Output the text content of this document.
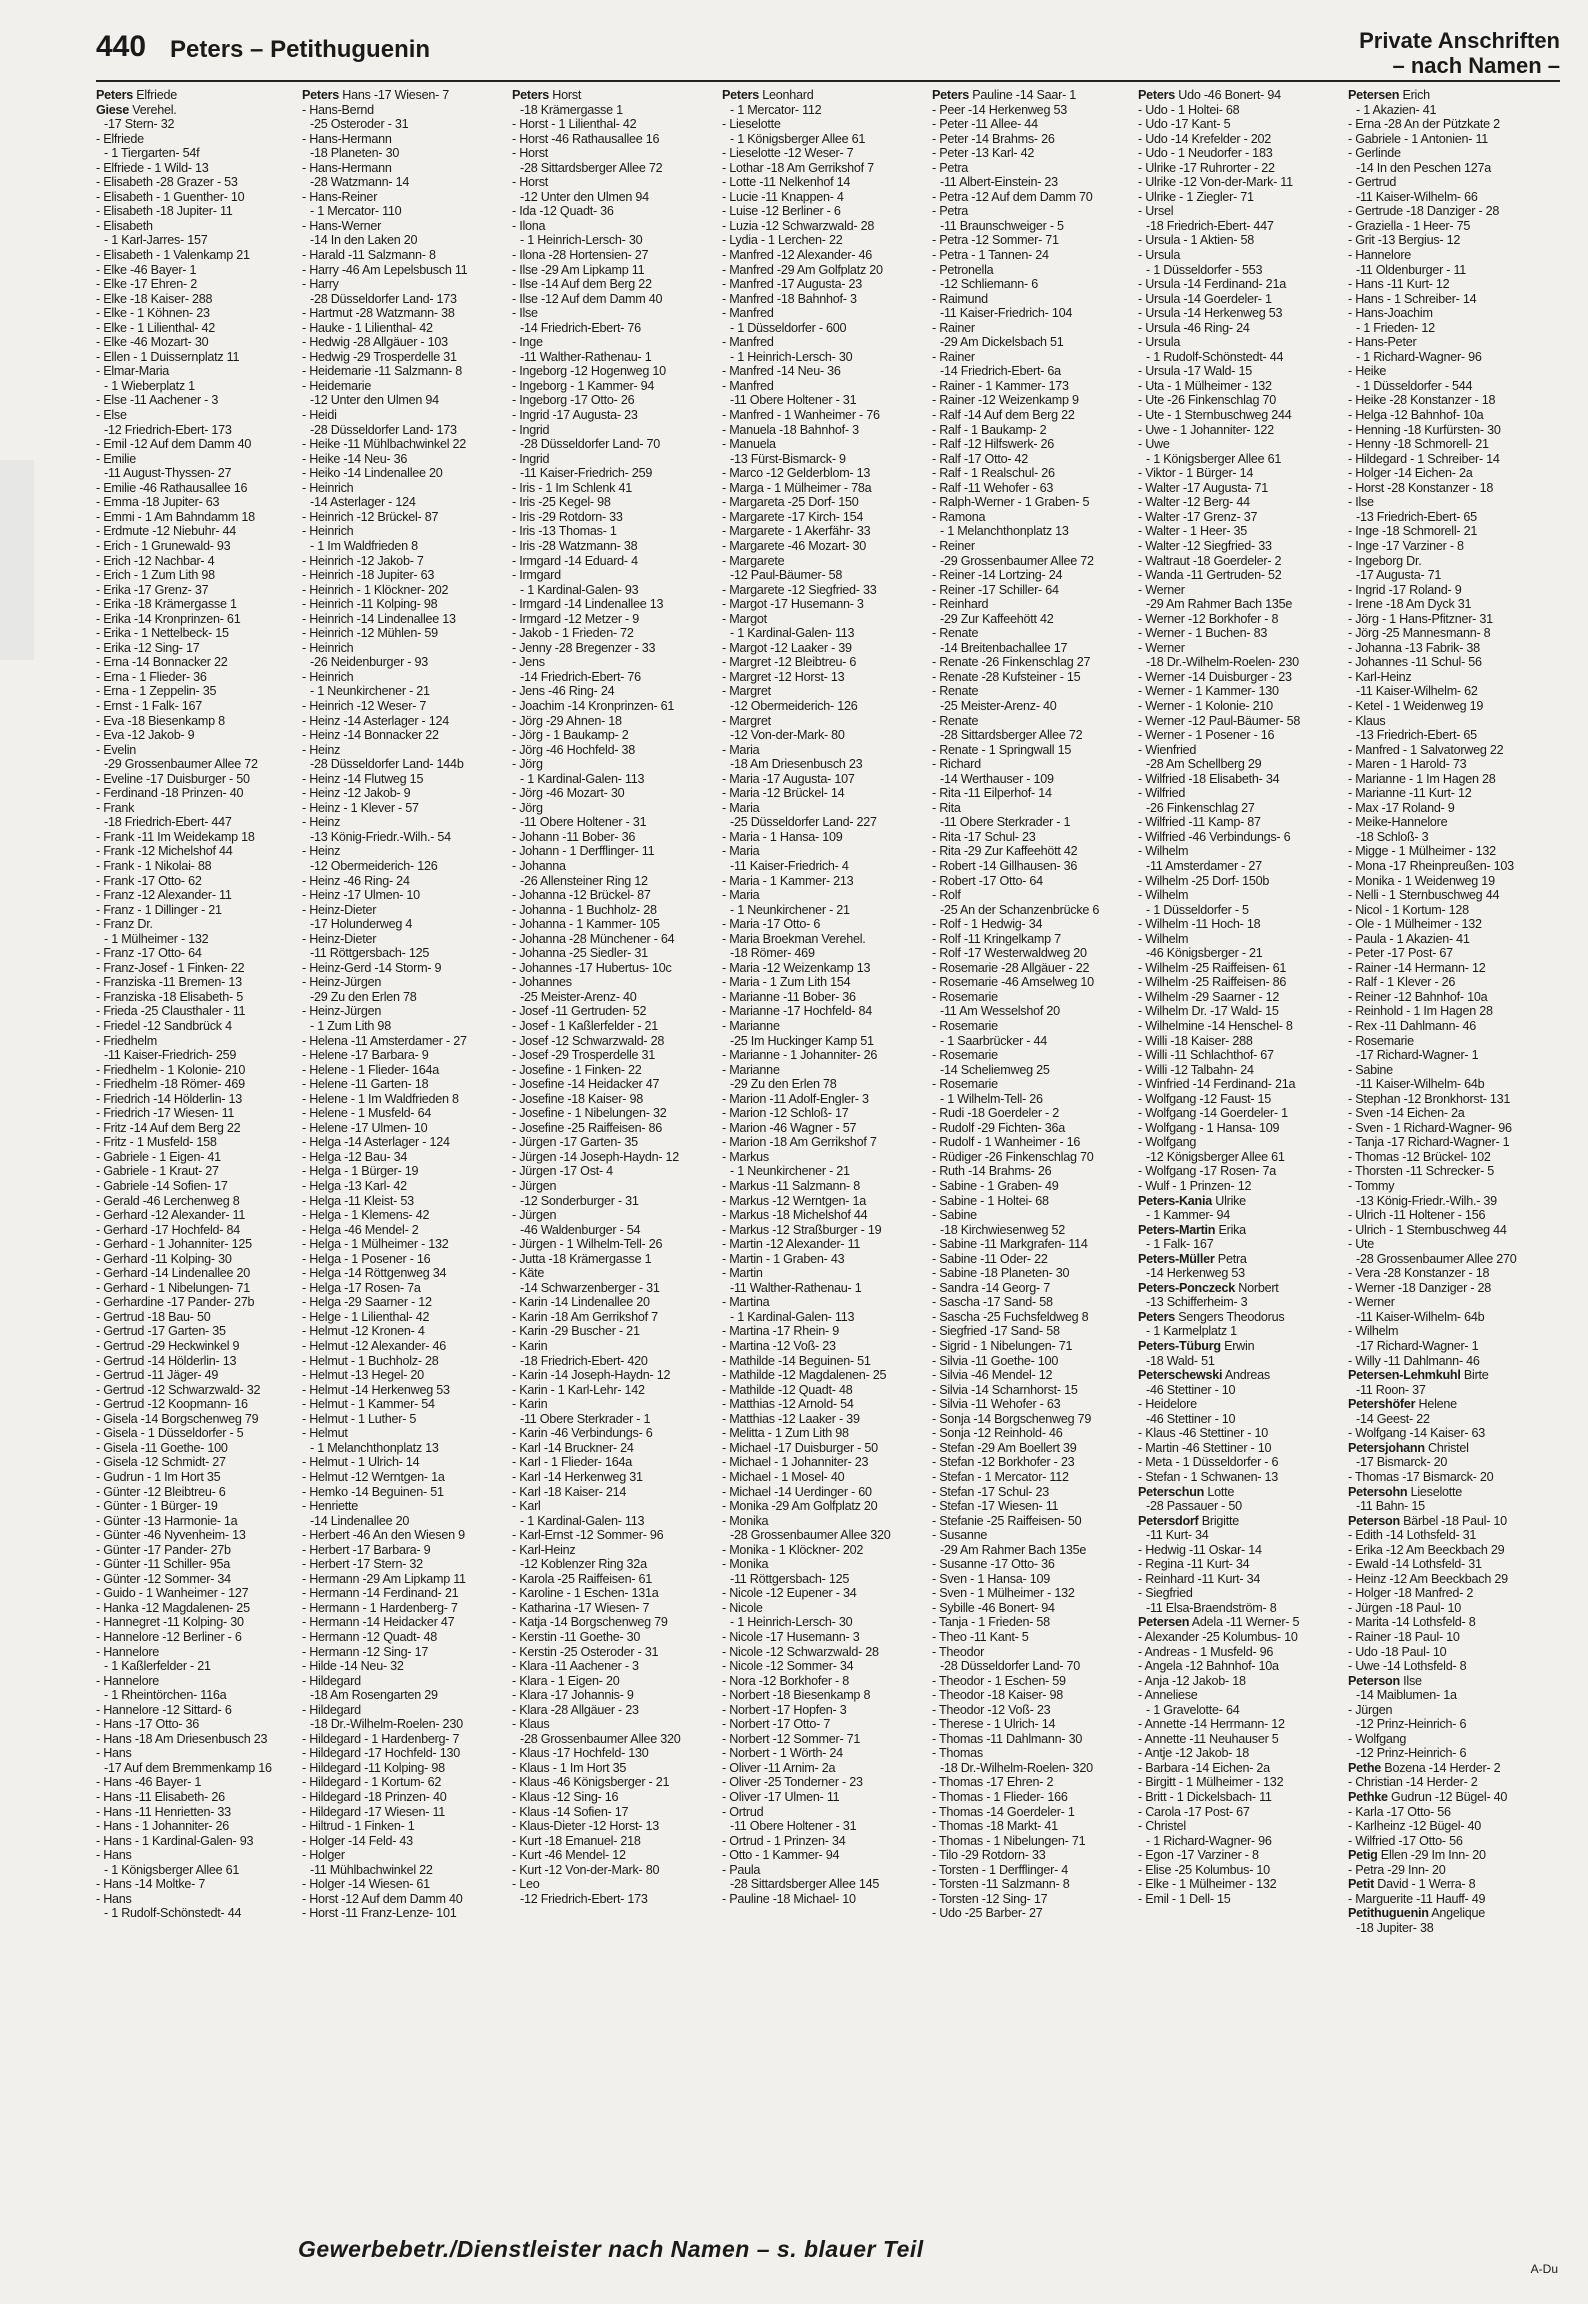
440 Peters – Petithuguenin	Private Anschriften
– nach Namen –

Peters Elfriede

Giese Verehel.

-17 Stern- 32

- Elfriede

- 1 Tiergarten- 54f

- Elfriede - 1 Wild- 13

- Elisabeth -28 Grazer - 53

- Elisabeth - 1 Guenther- 10

- Elisabeth -18 Jupiter- 11

- Elisabeth

- 1 Karl-Jarres- 157

- Elisabeth - 1 Valenkamp 21

- Elke -46 Bayer- 1

- Elke -17 Ehren- 2

- Elke -18 Kaiser- 288

- Elke - 1 Köhnen- 23

- Elke - 1 Lilienthal- 42

- Elke -46 Mozart- 30

- Ellen - 1 Duissernplatz 11

- Elmar-Maria

- 1 Wieberplatz 1

- Else -11 Aachener - 3

- Else

-12 Friedrich-Ebert- 173

- Emil -12 Auf dem Damm 40

- Emilie

-11 August-Thyssen- 27

- Emilie -46 Rathausallee 16

- Emma -18 Jupiter- 63

- Emmi - 1 Am Bahndamm 18

- Erdmute -12 Niebuhr- 44

- Erich - 1 Grunewald- 93

- Erich -12 Nachbar- 4

- Erich - 1 Zum Lith 98

- Erika -17 Grenz- 37

- Erika -18 Krämergasse 1

- Erika -14 Kronprinzen- 61

- Erika - 1 Nettelbeck- 15

- Erika -12 Sing- 17

- Erna -14 Bonnacker 22

- Erna - 1 Flieder- 36

- Erna - 1 Zeppelin- 35

- Ernst - 1 Falk- 167

- Eva -18 Biesenkamp 8

- Eva -12 Jakob- 9

- Evelin

-29 Grossenbaumer Allee 72

- Eveline -17 Duisburger - 50

- Ferdinand -18 Prinzen- 40

- Frank

-18 Friedrich-Ebert- 447

- Frank -11 Im Weidekamp 18

- Frank -12 Michelshof 44

- Frank - 1 Nikolai- 88

- Frank -17 Otto- 62

- Franz -12 Alexander- 11

- Franz - 1 Dillinger - 21

- Franz Dr.

- 1 Mülheimer - 132

- Franz -17 Otto- 64

- Franz-Josef - 1 Finken- 22

- Franziska -11 Bremen- 13

- Franziska -18 Elisabeth- 5

- Frieda -25 Clausthaler - 11

- Friedel -12 Sandbrück 4

- Friedhelm

-11 Kaiser-Friedrich- 259

- Friedhelm - 1 Kolonie- 210

- Friedhelm -18 Römer- 469

- Friedrich -14 Hölderlin- 13

- Friedrich -17 Wiesen- 11

- Fritz -14 Auf dem Berg 22

- Fritz - 1 Musfeld- 158

- Gabriele - 1 Eigen- 41

- Gabriele - 1 Kraut- 27

- Gabriele -14 Sofien- 17

- Gerald -46 Lerchenweg 8

- Gerhard -12 Alexander- 11

- Gerhard -17 Hochfeld- 84

- Gerhard - 1 Johanniter- 125

- Gerhard -11 Kolping- 30

- Gerhard -14 Lindenallee 20

- Gerhard - 1 Nibelungen- 71

- Gerhardine -17 Pander- 27b

- Gertrud -18 Bau- 50

- Gertrud -17 Garten- 35

- Gertrud -29 Heckwinkel 9

- Gertrud -14 Hölderlin- 13

- Gertrud -11 Jäger- 49

- Gertrud -12 Schwarzwald- 32

- Gertrud -12 Koopmann- 16

- Gisela -14 Borgschenweg 79

- Gisela - 1 Düsseldorfer - 5

- Gisela -11 Goethe- 100

- Gisela -12 Schmidt- 27

- Gudrun - 1 Im Hort 35

- Günter -12 Bleibtreu- 6

- Günter - 1 Bürger- 19

- Günter -13 Harmonie- 1a

- Günter -46 Nyvenheim- 13

- Günter -17 Pander- 27b

- Günter -11 Schiller- 95a

- Günter -12 Sommer- 34

- Guido - 1 Wanheimer - 127

- Hanka -12 Magdalenen- 25

- Hannegret -11 Kolping- 30

- Hannelore -12 Berliner - 6

- Hannelore

- 1 Kaßlerfelder - 21

- Hannelore

- 1 Rheintörchen- 116a

- Hannelore -12 Sittard- 6

- Hans -17 Otto- 36

- Hans -18 Am Driesenbusch 23

- Hans

-17 Auf dem Bremmenkamp 16

- Hans -46 Bayer- 1

- Hans -11 Elisabeth- 26

- Hans -11 Henrietten- 33

- Hans - 1 Johanniter- 26

- Hans - 1 Kardinal-Galen- 93

- Hans

- 1 Königsberger Allee 61

- Hans -14 Moltke- 7

- Hans

- 1 Rudolf-Schönstedt- 44

Peters Hans -17 Wiesen- 7

- Hans-Bernd

-25 Osteroder - 31

- Hans-Hermann

-18 Planeten- 30

- Hans-Hermann

-28 Watzmann- 14

- Hans-Reiner

- 1 Mercator- 110

- Hans-Werner

-14 In den Laken 20

- Harald -11 Salzmann- 8

- Harry -46 Am Lepelsbusch 11

- Harry

-28 Düsseldorfer Land- 173

- Hartmut -28 Watzmann- 38

- Hauke - 1 Lilienthal- 42

- Hedwig -28 Allgäuer - 103

- Hedwig -29 Trosperdelle 31

- Heidemarie -11 Salzmann- 8

- Heidemarie

-12 Unter den Ulmen 94

- Heidi

-28 Düsseldorfer Land- 173

- Heike -11 Mühlbachwinkel 22

- Heike -14 Neu- 36

- Heiko -14 Lindenallee 20

- Heinrich

-14 Asterlager - 124

- Heinrich -12 Brückel- 87

- Heinrich

- 1 Im Waldfrieden 8

- Heinrich -12 Jakob- 7

- Heinrich -18 Jupiter- 63

- Heinrich - 1 Klöckner- 202

- Heinrich -11 Kolping- 98

- Heinrich -14 Lindenallee 13

- Heinrich -12 Mühlen- 59

- Heinrich

-26 Neidenburger - 93

- Heinrich

- 1 Neunkirchener - 21

- Heinrich -12 Weser- 7

- Heinz -14 Asterlager - 124

- Heinz -14 Bonnacker 22

- Heinz

-28 Düsseldorfer Land- 144b

- Heinz -14 Flutweg 15

- Heinz -12 Jakob- 9

- Heinz - 1 Klever - 57

- Heinz

-13 König-Friedr.-Wilh.- 54

- Heinz

-12 Obermeiderich- 126

- Heinz -46 Ring- 24

- Heinz -17 Ulmen- 10

- Heinz-Dieter

-17 Holunderweg 4

- Heinz-Dieter

-11 Röttgersbach- 125

- Heinz-Gerd -14 Storm- 9

- Heinz-Jürgen

-29 Zu den Erlen 78

- Heinz-Jürgen

- 1 Zum Lith 98

- Helena -11 Amsterdamer - 27

- Helene -17 Barbara- 9

- Helene - 1 Flieder- 164a

- Helene -11 Garten- 18

- Helene - 1 Im Waldfrieden 8

- Helene - 1 Musfeld- 64

- Helene -17 Ulmen- 10

- Helga -14 Asterlager - 124

- Helga -12 Bau- 34

- Helga - 1 Bürger- 19

- Helga -13 Karl- 42

- Helga -11 Kleist- 53

- Helga - 1 Klemens- 42

- Helga -46 Mendel- 2

- Helga - 1 Mülheimer - 132

- Helga - 1 Posener - 16

- Helga -14 Röttgenweg 34

- Helga -17 Rosen- 7a

- Helga -29 Saarner - 12

- Helge - 1 Lilienthal- 42

- Helmut -12 Kronen- 4

- Helmut -12 Alexander- 46

- Helmut - 1 Buchholz- 28

- Helmut -13 Hegel- 20

- Helmut -14 Herkenweg 53

- Helmut - 1 Kammer- 54

- Helmut - 1 Luther- 5

- Helmut

- 1 Melanchthonplatz 13

- Helmut - 1 Ulrich- 14

- Helmut -12 Werntgen- 1a

- Hemko -14 Beguinen- 51

- Henriette

-14 Lindenallee 20

- Herbert -46 An den Wiesen 9

- Herbert -17 Barbara- 9

- Herbert -17 Stern- 32

- Hermann -29 Am Lipkamp 11

- Hermann -14 Ferdinand- 21

- Hermann - 1 Hardenberg- 7

- Hermann -14 Heidacker 47

- Hermann -12 Quadt- 48

- Hermann -12 Sing- 17

- Hilde -14 Neu- 32

- Hildegard

-18 Am Rosengarten 29

- Hildegard

-18 Dr.-Wilhelm-Roelen- 230

- Hildegard - 1 Hardenberg- 7

- Hildegard -17 Hochfeld- 130

- Hildegard -11 Kolping- 98

- Hildegard - 1 Kortum- 62

- Hildegard -18 Prinzen- 40

- Hildegard -17 Wiesen- 11

- Hiltrud - 1 Finken- 1

- Holger -14 Feld- 43

- Holger

-11 Mühlbachwinkel 22

- Holger -14 Wiesen- 61

- Horst -12 Auf dem Damm 40

- Horst -11 Franz-Lenze- 101

Peters Horst

-18 Krämergasse 1

- Horst - 1 Lilienthal- 42

- Horst -46 Rathausallee 16

- Horst

-28 Sittardsberger Allee 72

- Horst

-12 Unter den Ulmen 94

- Ida -12 Quadt- 36

- Ilona

- 1 Heinrich-Lersch- 30

- Ilona -28 Hortensien- 27

- Ilse -29 Am Lipkamp 11

- Ilse -14 Auf dem Berg 22

- Ilse -12 Auf dem Damm 40

- Ilse

-14 Friedrich-Ebert- 76

- Inge

-11 Walther-Rathenau- 1

- Ingeborg -12 Hogenweg 10

- Ingeborg - 1 Kammer- 94

- Ingeborg -17 Otto- 26

- Ingrid -17 Augusta- 23

- Ingrid

-28 Düsseldorfer Land- 70

- Ingrid

-11 Kaiser-Friedrich- 259

- Iris - 1 Im Schlenk 41

- Iris -25 Kegel- 98

- Iris -29 Rotdorn- 33

- Iris -13 Thomas- 1

- Iris -28 Watzmann- 38

- Irmgard -14 Eduard- 4

- Irmgard

- 1 Kardinal-Galen- 93

- Irmgard -14 Lindenallee 13

- Irmgard -12 Metzer - 9

- Jakob - 1 Frieden- 72

- Jenny -28 Bregenzer - 33

- Jens

-14 Friedrich-Ebert- 76

- Jens -46 Ring- 24

- Joachim -14 Kronprinzen- 61

- Jörg -29 Ahnen- 18

- Jörg - 1 Baukamp- 2

- Jörg -46 Hochfeld- 38

- Jörg

- 1 Kardinal-Galen- 113

- Jörg -46 Mozart- 30

- Jörg

-11 Obere Holtener - 31

- Johann -11 Bober- 36

- Johann - 1 Derfflinger- 11

- Johanna

-26 Allensteiner Ring 12

- Johanna -12 Brückel- 87

- Johanna - 1 Buchholz- 28

- Johanna - 1 Kammer- 105

- Johanna -28 Münchener - 64

- Johanna -25 Siedler- 31

- Johannes -17 Hubertus- 10c

- Johannes

-25 Meister-Arenz- 40

- Josef -11 Gertruden- 52

- Josef - 1 Kaßlerfelder - 21

- Josef -12 Schwarzwald- 28

- Josef -29 Trosperdelle 31

- Josefine - 1 Finken- 22

- Josefine -14 Heidacker 47

- Josefine -18 Kaiser- 98

- Josefine - 1 Nibelungen- 32

- Josefine -25 Raiffeisen- 86

- Jürgen -17 Garten- 35

- Jürgen -14 Joseph-Haydn- 12

- Jürgen -17 Ost- 4

- Jürgen

-12 Sonderburger - 31

- Jürgen

-46 Waldenburger - 54

- Jürgen - 1 Wilhelm-Tell- 26

- Jutta -18 Krämergasse 1

- Käte

-14 Schwarzenberger - 31

- Karin -14 Lindenallee 20

- Karin -18 Am Gerrikshof 7

- Karin -29 Buscher - 21

- Karin

-18 Friedrich-Ebert- 420

- Karin -14 Joseph-Haydn- 12

- Karin - 1 Karl-Lehr- 142

- Karin

-11 Obere Sterkrader - 1

- Karin -46 Verbindungs- 6

- Karl -14 Bruckner- 24

- Karl - 1 Flieder- 164a

- Karl -14 Herkenweg 31

- Karl -18 Kaiser- 214

- Karl

- 1 Kardinal-Galen- 113

- Karl-Ernst -12 Sommer- 96

- Karl-Heinz

-12 Koblenzer Ring 32a

- Karola -25 Raiffeisen- 61

- Karoline - 1 Eschen- 131a

- Katharina -17 Wiesen- 7

- Katja -14 Borgschenweg 79

- Kerstin -11 Goethe- 30

- Kerstin -25 Osteroder - 31

- Klara -11 Aachener - 3

- Klara - 1 Eigen- 20

- Klara -17 Johannis- 9

- Klara -28 Allgäuer - 23

- Klaus

-28 Grossenbaumer Allee 320

- Klaus -17 Hochfeld- 130

- Klaus - 1 Im Hort 35

- Klaus -46 Königsberger - 21

- Klaus -12 Sing- 16

- Klaus -14 Sofien- 17

- Klaus-Dieter -12 Horst- 13

- Kurt -18 Emanuel- 218

- Kurt -46 Mendel- 12

- Kurt -12 Von-der-Mark- 80

- Leo

-12 Friedrich-Ebert- 173

Peters Leonhard

- 1 Mercator- 112

- Lieselotte

- 1 Königsberger Allee 61

- Lieselotte -12 Weser- 7

- Lothar -18 Am Gerrikshof 7

- Lotte -11 Nelkenhof 14

- Lucie -11 Knappen- 4

- Luise -12 Berliner - 6

- Luzia -12 Schwarzwald- 28

- Lydia - 1 Lerchen- 22

- Manfred -12 Alexander- 46

- Manfred -29 Am Golfplatz 20

- Manfred -17 Augusta- 23

- Manfred -18 Bahnhof- 3

- Manfred

- 1 Düsseldorfer - 600

- Manfred

- 1 Heinrich-Lersch- 30

- Manfred -14 Neu- 36

- Manfred

-11 Obere Holtener - 31

- Manfred - 1 Wanheimer - 76

- Manuela -18 Bahnhof- 3

- Manuela

-13 Fürst-Bismarck- 9

- Marco -12 Gelderblom- 13

- Marga - 1 Mülheimer - 78a

- Margareta -25 Dorf- 150

- Margarete -17 Kirch- 154

- Margarete - 1 Akerfähr- 33

- Margarete -46 Mozart- 30

- Margarete

-12 Paul-Bäumer- 58

- Margarete -12 Siegfried- 33

- Margot -17 Husemann- 3

- Margot

- 1 Kardinal-Galen- 113

- Margot -12 Laaker - 39

- Margret -12 Bleibtreu- 6

- Margret -12 Horst- 13

- Margret

-12 Obermeiderich- 126

- Margret

-12 Von-der-Mark- 80

- Maria

-18 Am Driesenbusch 23

- Maria -17 Augusta- 107

- Maria -12 Brückel- 14

- Maria

-25 Düsseldorfer Land- 227

- Maria - 1 Hansa- 109

- Maria

-11 Kaiser-Friedrich- 4

- Maria - 1 Kammer- 213

- Maria

- 1 Neunkirchener - 21

- Maria -17 Otto- 6

- Maria Broekman Verehel.

-18 Römer- 469

- Maria -12 Weizenkamp 13

- Maria - 1 Zum Lith 154

- Marianne -11 Bober- 36

- Marianne -17 Hochfeld- 84

- Marianne

-25 Im Huckinger Kamp 51

- Marianne - 1 Johanniter- 26

- Marianne

-29 Zu den Erlen 78

- Marion -11 Adolf-Engler- 3

- Marion -12 Schloß- 17

- Marion -46 Wagner - 57

- Marion -18 Am Gerrikshof 7

- Markus

- 1 Neunkirchener - 21

- Markus -11 Salzmann- 8

- Markus -12 Werntgen- 1a

- Markus -18 Michelshof 44

- Markus -12 Straßburger - 19

- Martin -12 Alexander- 11

- Martin - 1 Graben- 43

- Martin

-11 Walther-Rathenau- 1

- Martina

- 1 Kardinal-Galen- 113

- Martina -17 Rhein- 9

- Martina -12 Voß- 23

- Mathilde -14 Beguinen- 51

- Mathilde -12 Magdalenen- 25

- Mathilde -12 Quadt- 48

- Matthias -12 Arnold- 54

- Matthias -12 Laaker - 39

- Melitta - 1 Zum Lith 98

- Michael -17 Duisburger - 50

- Michael - 1 Johanniter- 23

- Michael - 1 Mosel- 40

- Michael -14 Uerdinger - 60

- Monika -29 Am Golfplatz 20

- Monika

-28 Grossenbaumer Allee 320

- Monika - 1 Klöckner- 202

- Monika

-11 Röttgersbach- 125

- Nicole -12 Eupener - 34

- Nicole

- 1 Heinrich-Lersch- 30

- Nicole -17 Husemann- 3

- Nicole -12 Schwarzwald- 28

- Nicole -12 Sommer- 34

- Nora -12 Borkhofer - 8

- Norbert -18 Biesenkamp 8

- Norbert -17 Hopfen- 3

- Norbert -17 Otto- 7

- Norbert -12 Sommer- 71

- Norbert - 1 Wörth- 24

- Oliver -11 Arnim- 2a

- Oliver -25 Tonderner - 23

- Oliver -17 Ulmen- 11

- Ortrud

-11 Obere Holtener - 31

- Ortrud - 1 Prinzen- 34

- Otto - 1 Kammer- 94

- Paula

-28 Sittardsberger Allee 145

- Pauline -18 Michael- 10

Peters Pauline -14 Saar- 1

- Peer -14 Herkenweg 53

- Peter -11 Allee- 44

- Peter -14 Brahms- 26

- Peter -13 Karl- 42

- Petra

-11 Albert-Einstein- 23

- Petra -12 Auf dem Damm 70

- Petra

-11 Braunschweiger - 5

- Petra -12 Sommer- 71

- Petra - 1 Tannen- 24

- Petronella

-12 Schliemann- 6

- Raimund

-11 Kaiser-Friedrich- 104

- Rainer

-29 Am Dickelsbach 51

- Rainer

-14 Friedrich-Ebert- 6a

- Rainer - 1 Kammer- 173

- Rainer -12 Weizenkamp 9

- Ralf -14 Auf dem Berg 22

- Ralf - 1 Baukamp- 2

- Ralf -12 Hilfswerk- 26

- Ralf -17 Otto- 42

- Ralf - 1 Realschul- 26

- Ralf -11 Wehofer - 63

- Ralph-Werner - 1 Graben- 5

- Ramona

- 1 Melanchthonplatz 13

- Reiner

-29 Grossenbaumer Allee 72

- Reiner -14 Lortzing- 24

- Reiner -17 Schiller- 64

- Reinhard

-29 Zur Kaffeehött 42

- Renate

-14 Breitenbachallee 17

- Renate -26 Finkenschlag 27

- Renate -28 Kufsteiner - 15

- Renate

-25 Meister-Arenz- 40

- Renate

-28 Sittardsberger Allee 72

- Renate - 1 Springwall 15

- Richard

-14 Werthauser - 109

- Rita -11 Eilperhof- 14

- Rita

-11 Obere Sterkrader - 1

- Rita -17 Schul- 23

- Rita -29 Zur Kaffeehött 42

- Robert -14 Gillhausen- 36

- Robert -17 Otto- 64

- Rolf

-25 An der Schanzenbrücke 6

- Rolf - 1 Hedwig- 34

- Rolf -11 Kringelkamp 7

- Rolf -17 Westerwaldweg 20

- Rosemarie -28 Allgäuer - 22

- Rosemarie -46 Amselweg 10

- Rosemarie

-11 Am Wesselshof 20

- Rosemarie

- 1 Saarbrücker - 44

- Rosemarie

-14 Scheliemweg 25

- Rosemarie

- 1 Wilhelm-Tell- 26

- Rudi -18 Goerdeler - 2

- Rudolf -29 Fichten- 36a

- Rudolf - 1 Wanheimer - 16

- Rüdiger -26 Finkenschlag 70

- Ruth -14 Brahms- 26

- Sabine - 1 Graben- 49

- Sabine - 1 Holtei- 68

- Sabine

-18 Kirchwiesenweg 52

- Sabine -11 Markgrafen- 114

- Sabine -11 Oder- 22

- Sabine -18 Planeten- 30

- Sandra -14 Georg- 7

- Sascha -17 Sand- 58

- Sascha -25 Fuchsfeldweg 8

- Siegfried -17 Sand- 58

- Sigrid - 1 Nibelungen- 71

- Silvia -11 Goethe- 100

- Silvia -46 Mendel- 12

- Silvia -14 Scharnhorst- 15

- Silvia -11 Wehofer - 63

- Sonja -14 Borgschenweg 79

- Sonja -12 Reinhold- 46

- Stefan -29 Am Boellert 39

- Stefan -12 Borkhofer - 23

- Stefan - 1 Mercator- 112

- Stefan -17 Schul- 23

- Stefan -17 Wiesen- 11

- Stefanie -25 Raiffeisen- 50

- Susanne

-29 Am Rahmer Bach 135e

- Susanne -17 Otto- 36

- Sven - 1 Hansa- 109

- Sven - 1 Mülheimer - 132

- Sybille -46 Bonert- 94

- Tanja - 1 Frieden- 58

- Theo -11 Kant- 5

- Theodor

-28 Düsseldorfer Land- 70

- Theodor - 1 Eschen- 59

- Theodor -18 Kaiser- 98

- Theodor -12 Voß- 23

- Therese - 1 Ulrich- 14

- Thomas -11 Dahlmann- 30

- Thomas

-18 Dr.-Wilhelm-Roelen- 320

- Thomas -17 Ehren- 2

- Thomas - 1 Flieder- 166

- Thomas -14 Goerdeler- 1

- Thomas -18 Markt- 41

- Thomas - 1 Nibelungen- 71

- Tilo -29 Rotdorn- 33

- Torsten - 1 Derfflinger- 4

- Torsten -11 Salzmann- 8

- Torsten -12 Sing- 17

- Udo -25 Barber- 27

Peters Udo -46 Bonert- 94

- Udo - 1 Holtei- 68

- Udo -17 Kant- 5

- Udo -14 Krefelder - 202

- Udo - 1 Neudorfer - 183

- Ulrike -17 Ruhrorter - 22

- Ulrike -12 Von-der-Mark- 11

- Ulrike - 1 Ziegler- 71

- Ursel

-18 Friedrich-Ebert- 447

- Ursula - 1 Aktien- 58

- Ursula

- 1 Düsseldorfer - 553

- Ursula -14 Ferdinand- 21a

- Ursula -14 Goerdeler- 1

- Ursula -14 Herkenweg 53

- Ursula -46 Ring- 24

- Ursula

- 1 Rudolf-Schönstedt- 44

- Ursula -17 Wald- 15

- Uta - 1 Mülheimer - 132

- Ute -26 Finkenschlag 70

- Ute - 1 Sternbuschweg 244

- Uwe - 1 Johanniter- 122

- Uwe

- 1 Königsberger Allee 61

- Viktor - 1 Bürger- 14

- Walter -17 Augusta- 71

- Walter -12 Berg- 44

- Walter -17 Grenz- 37

- Walter - 1 Heer- 35

- Walter -12 Siegfried- 33

- Waltraut -18 Goerdeler- 2

- Wanda -11 Gertruden- 52

- Werner

-29 Am Rahmer Bach 135e

- Werner -12 Borkhofer - 8

- Werner - 1 Buchen- 83

- Werner

-18 Dr.-Wilhelm-Roelen- 230

- Werner -14 Duisburger - 23

- Werner - 1 Kammer- 130

- Werner - 1 Kolonie- 210

- Werner -12 Paul-Bäumer- 58

- Werner - 1 Posener - 16

- Wienfried

-28 Am Schellberg 29

- Wilfried -18 Elisabeth- 34

- Wilfried

-26 Finkenschlag 27

- Wilfried -11 Kamp- 87

- Wilfried -46 Verbindungs- 6

- Wilhelm

-11 Amsterdamer - 27

- Wilhelm -25 Dorf- 150b

- Wilhelm

- 1 Düsseldorfer - 5

- Wilhelm -11 Hoch- 18

- Wilhelm

-46 Königsberger - 21

- Wilhelm -25 Raiffeisen- 61

- Wilhelm -25 Raiffeisen- 86

- Wilhelm -29 Saarner - 12

- Wilhelm Dr. -17 Wald- 15

- Wilhelmine -14 Henschel- 8

- Willi -18 Kaiser- 288

- Willi -11 Schlachthof- 67

- Willi -12 Talbahn- 24

- Winfried -14 Ferdinand- 21a

- Wolfgang -12 Faust- 15

- Wolfgang -14 Goerdeler- 1

- Wolfgang - 1 Hansa- 109

- Wolfgang

-12 Königsberger Allee 61

- Wolfgang -17 Rosen- 7a

- Wulf - 1 Prinzen- 12

Peters-Kania Ulrike

- 1 Kammer- 94

Peters-Martin Erika

- 1 Falk- 167

Peters-Müller Petra

-14 Herkenweg 53

Peters-Ponczeck Norbert

-13 Schifferheim- 3

Peters Sengers Theodorus

- 1 Karmelplatz 1

Peters-Tüburg Erwin

-18 Wald- 51

Peterschewski Andreas

-46 Stettiner - 10

- Heidelore

-46 Stettiner - 10

- Klaus -46 Stettiner - 10

- Martin -46 Stettiner - 10

- Meta - 1 Düsseldorfer - 6

- Stefan - 1 Schwanen- 13

Peterschun Lotte

-28 Passauer - 50

Petersdorf Brigitte

-11 Kurt- 34

- Hedwig -11 Oskar- 14

- Regina -11 Kurt- 34

- Reinhard -11 Kurt- 34

- Siegfried

-11 Elsa-Braendström- 8

Petersen Adela -11 Werner- 5

- Alexander -25 Kolumbus- 10

- Andreas - 1 Musfeld- 96

- Angela -12 Bahnhof- 10a

- Anja -12 Jakob- 18

- Anneliese

- 1 Gravelotte- 64

- Annette -14 Herrmann- 12

- Annette -11 Neuhauser 5

- Antje -12 Jakob- 18

- Barbara -14 Eichen- 2a

- Birgitt - 1 Mülheimer - 132

- Britt - 1 Dickelsbach- 11

- Carola -17 Post- 67

- Christel

- 1 Richard-Wagner- 96

- Egon -17 Varziner - 8

- Elise -25 Kolumbus- 10

- Elke - 1 Mülheimer - 132

- Emil - 1 Dell- 15

Petersen Erich

- 1 Akazien- 41

- Erna -28 An der Pützkate 2

- Gabriele - 1 Antonien- 11

- Gerlinde

-14 In den Peschen 127a

- Gertrud

-11 Kaiser-Wilhelm- 66

- Gertrude -18 Danziger - 28

- Graziella - 1 Heer- 75

- Grit -13 Bergius- 12

- Hannelore

-11 Oldenburger - 11

- Hans -11 Kurt- 12

- Hans - 1 Schreiber- 14

- Hans-Joachim

- 1 Frieden- 12

- Hans-Peter

- 1 Richard-Wagner- 96

- Heike

- 1 Düsseldorfer - 544

- Heike -28 Konstanzer - 18

- Helga -12 Bahnhof- 10a

- Henning -18 Kurfürsten- 30

- Henny -18 Schmorell- 21

- Hildegard - 1 Schreiber- 14

- Holger -14 Eichen- 2a

- Horst -28 Konstanzer - 18

- Ilse

-13 Friedrich-Ebert- 65

- Inge -18 Schmorell- 21

- Inge -17 Varziner - 8

- Ingeborg Dr.

-17 Augusta- 71

- Ingrid -17 Roland- 9

- Irene -18 Am Dyck 31

- Jörg - 1 Hans-Pfitzner- 31

- Jörg -25 Mannesmann- 8

- Johanna -13 Fabrik- 38

- Johannes -11 Schul- 56

- Karl-Heinz

-11 Kaiser-Wilhelm- 62

- Ketel - 1 Weidenweg 19

- Klaus

-13 Friedrich-Ebert- 65

- Manfred - 1 Salvatorweg 22

- Maren - 1 Harold- 73

- Marianne - 1 Im Hagen 28

- Marianne -11 Kurt- 12

- Max -17 Roland- 9

- Meike-Hannelore

-18 Schloß- 3

- Migge - 1 Mülheimer - 132

- Mona -17 Rheinpreußen- 103

- Monika - 1 Weidenweg 19

- Nelli - 1 Sternbuschweg 44

- Nicol - 1 Kortum- 128

- Ole - 1 Mülheimer - 132

- Paula - 1 Akazien- 41

- Peter -17 Post- 67

- Rainer -14 Hermann- 12

- Ralf - 1 Klever - 26

- Reiner -12 Bahnhof- 10a

- Reinhold - 1 Im Hagen 28

- Rex -11 Dahlmann- 46

- Rosemarie

-17 Richard-Wagner- 1

- Sabine

-11 Kaiser-Wilhelm- 64b

- Stephan -12 Bronkhorst- 131

- Sven -14 Eichen- 2a

- Sven - 1 Richard-Wagner- 96

- Tanja -17 Richard-Wagner- 1

- Thomas -12 Brückel- 102

- Thorsten -11 Schrecker- 5

- Tommy

-13 König-Friedr.-Wilh.- 39

- Ulrich -11 Holtener - 156

- Ulrich - 1 Sternbuschweg 44

- Ute

-28 Grossenbaumer Allee 270

- Vera -28 Konstanzer - 18

- Werner -18 Danziger - 28

- Werner

-11 Kaiser-Wilhelm- 64b

- Wilhelm

-17 Richard-Wagner- 1

- Willy -11 Dahlmann- 46

Petersen-Lehmkuhl Birte

-11 Roon- 37

Petershöfer Helene

-14 Geest- 22

- Wolfgang -14 Kaiser- 63

Petersjohann Christel

-17 Bismarck- 20

- Thomas -17 Bismarck- 20

Petersohn Lieselotte

-11 Bahn- 15

Peterson Bärbel -18 Paul- 10

- Edith -14 Lothsfeld- 31

- Erika -12 Am Beeckbach 29

- Ewald -14 Lothsfeld- 31

- Heinz -12 Am Beeckbach 29

- Holger -18 Manfred- 2

- Jürgen -18 Paul- 10

- Marita -14 Lothsfeld- 8

- Rainer -18 Paul- 10

- Udo -18 Paul- 10

- Uwe -14 Lothsfeld- 8

Peterson Ilse

-14 Maiblumen- 1a

- Jürgen

-12 Prinz-Heinrich- 6

- Wolfgang

-12 Prinz-Heinrich- 6

Pethe Bozena -14 Herder- 2

- Christian -14 Herder- 2

Pethke Gudrun -12 Bügel- 40

- Karla -17 Otto- 56

- Karlheinz -12 Bügel- 40

- Wilfried -17 Otto- 56

Petig Ellen -29 Im Inn- 20

- Petra -29 Inn- 20

Petit David - 1 Werra- 8

- Marguerite -11 Hauff- 49

Petithuguenin Angelique

-18 Jupiter- 38

Gewerbebetr./Dienstleister nach Namen – s. blauer Teil
A-Du
